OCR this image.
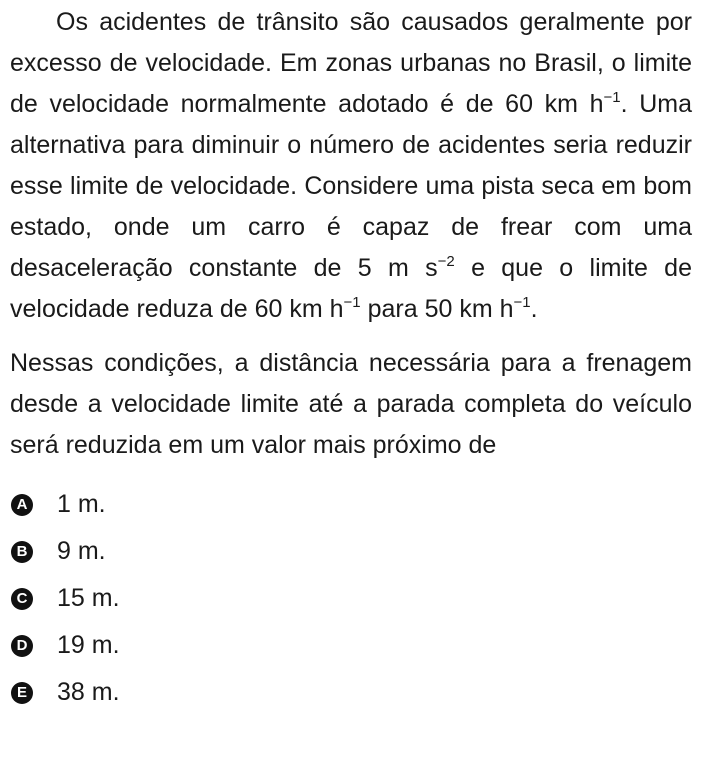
Os acidentes de trânsito são causados geralmente por excesso de velocidade. Em zonas urbanas no Brasil, o limite de velocidade normalmente adotado é de 60 km $h^{-1}$. Uma alternativa para diminuir o número de acidentes seria reduzir esse limite de velocidade. Considere uma pista seca em bom estado, onde um carro é capaz de frear com uma desaceleração constante de 5 m $s^{-2}$ e que o limite de velocidade reduza de 60 km $h^{-1}$ para 50 km $h^{-1}$.

Nessas condições, a distância necessária para a frenagem desde a velocidade limite até a parada completa do veículo será reduzida em um valor mais próximo de

A 1 m.
B 9 m.
C 15 m.
D 19 m.
E 38 m.
